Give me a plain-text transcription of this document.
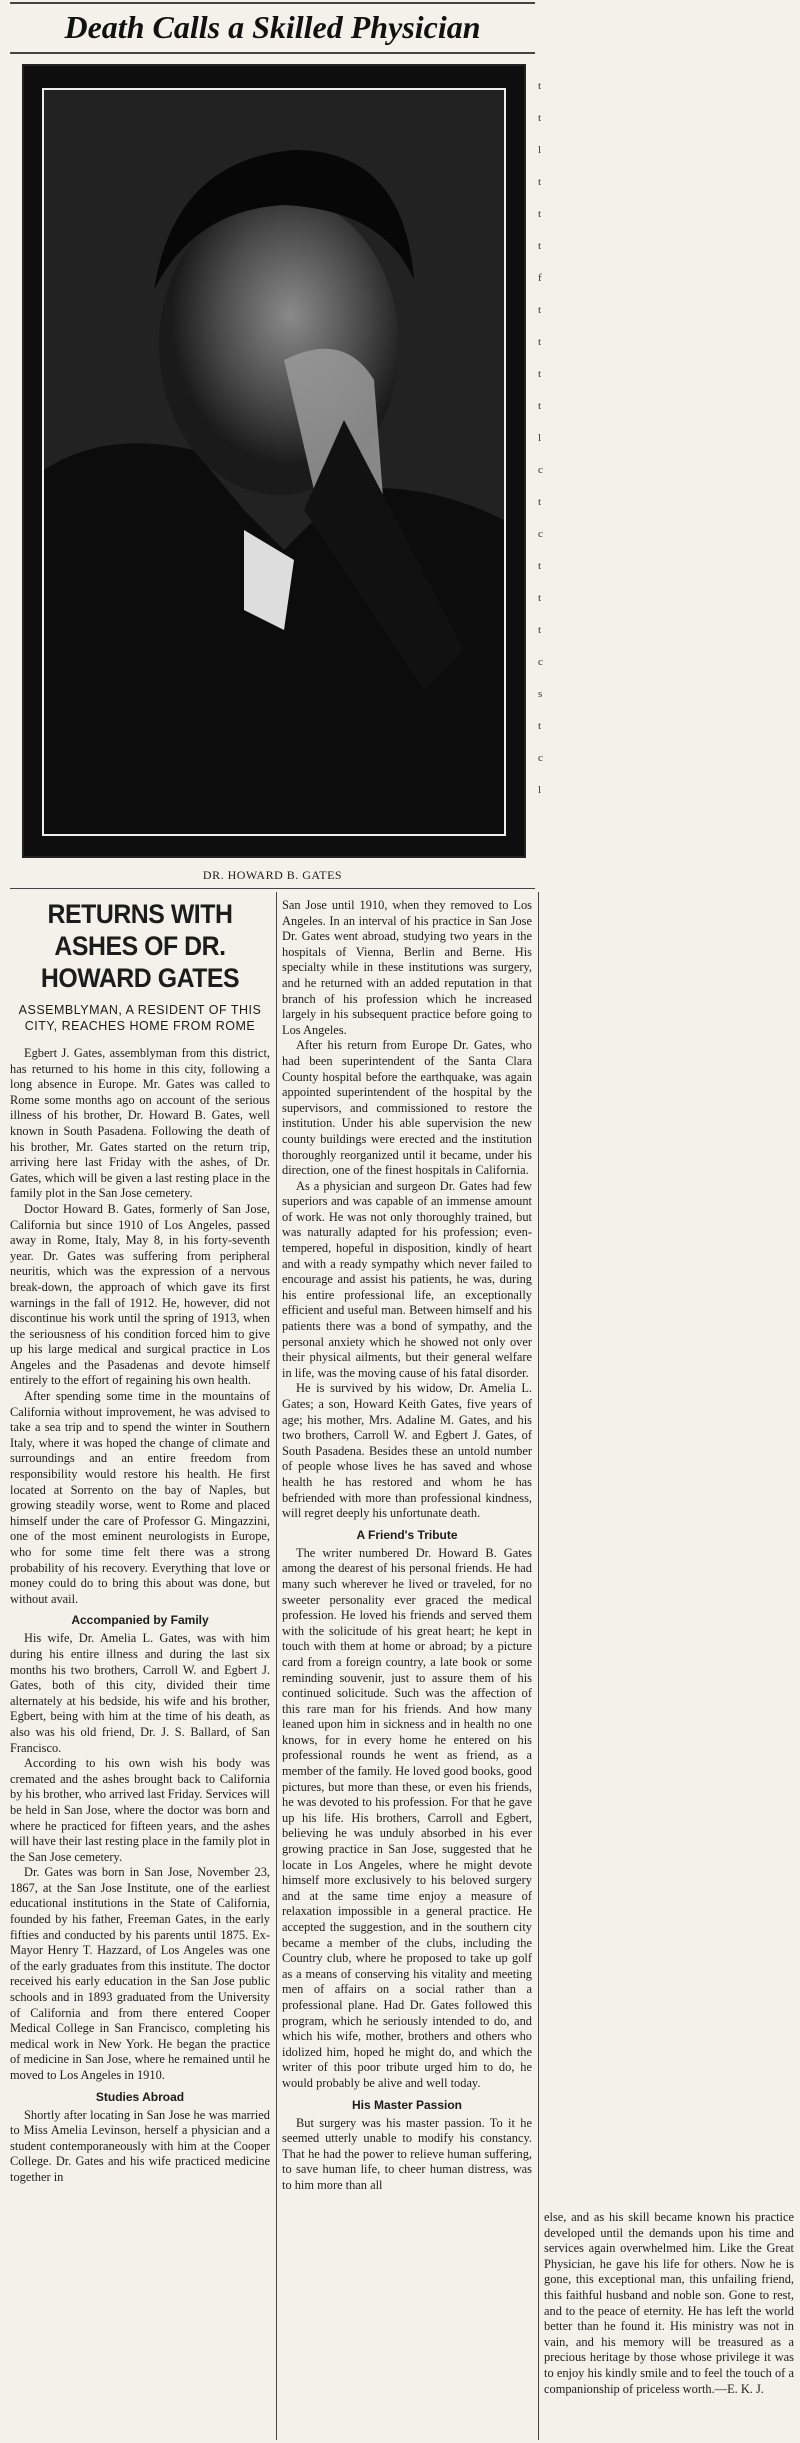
Death Calls a Skilled Physician
t
t
l
t
t
t
f
t
t
t
t
l
c
t
c
t
t
t
c
s
t
c
l
DR. HOWARD B. GATES
RETURNS WITH ASHES OF DR. HOWARD GATES
ASSEMBLYMAN, A RESIDENT OF THIS CITY, REACHES HOME FROM ROME

Egbert J. Gates, assemblyman from this district, has returned to his home in this city, following a long absence in Europe. Mr. Gates was called to Rome some months ago on account of the serious illness of his brother, Dr. Howard B. Gates, well known in South Pasadena. Following the death of his brother, Mr. Gates started on the return trip, arriving here last Friday with the ashes, of Dr. Gates, which will be given a last resting place in the family plot in the San Jose cemetery.

Doctor Howard B. Gates, formerly of San Jose, California but since 1910 of Los Angeles, passed away in Rome, Italy, May 8, in his forty-seventh year. Dr. Gates was suffering from peripheral neuritis, which was the expression of a nervous break-down, the approach of which gave its first warnings in the fall of 1912. He, however, did not discontinue his work until the spring of 1913, when the seriousness of his condition forced him to give up his large medical and surgical practice in Los Angeles and the Pasadenas and devote himself entirely to the effort of regaining his own health.

After spending some time in the mountains of California without improvement, he was advised to take a sea trip and to spend the winter in Southern Italy, where it was hoped the change of climate and surroundings and an entire freedom from responsibility would restore his health. He first located at Sorrento on the bay of Naples, but growing steadily worse, went to Rome and placed himself under the care of Professor G. Mingazzini, one of the most eminent neurologists in Europe, who for some time felt there was a strong probability of his recovery. Everything that love or money could do to bring this about was done, but without avail.

Accompanied by Family

His wife, Dr. Amelia L. Gates, was with him during his entire illness and during the last six months his two brothers, Carroll W. and Egbert J. Gates, both of this city, divided their time alternately at his bedside, his wife and his brother, Egbert, being with him at the time of his death, as also was his old friend, Dr. J. S. Ballard, of San Francisco.

According to his own wish his body was cremated and the ashes brought back to California by his brother, who arrived last Friday. Services will be held in San Jose, where the doctor was born and where he practiced for fifteen years, and the ashes will have their last resting place in the family plot in the San Jose cemetery.

Dr. Gates was born in San Jose, November 23, 1867, at the San Jose Institute, one of the earliest educational institutions in the State of California, founded by his father, Freeman Gates, in the early fifties and conducted by his parents until 1875. Ex-Mayor Henry T. Hazzard, of Los Angeles was one of the early graduates from this institute. The doctor received his early education in the San Jose public schools and in 1893 graduated from the University of California and from there entered Cooper Medical College in San Francisco, completing his medical work in New York. He began the practice of medicine in San Jose, where he remained until he moved to Los Angeles in 1910.

Studies Abroad

Shortly after locating in San Jose he was married to Miss Amelia Levinson, herself a physician and a student contemporaneously with him at the Cooper College. Dr. Gates and his wife practiced medicine together in

San Jose until 1910, when they removed to Los Angeles. In an interval of his practice in San Jose Dr. Gates went abroad, studying two years in the hospitals of Vienna, Berlin and Berne. His specialty while in these institutions was surgery, and he returned with an added reputation in that branch of his profession which he increased largely in his subsequent practice before going to Los Angeles.

After his return from Europe Dr. Gates, who had been superintendent of the Santa Clara County hospital before the earthquake, was again appointed superintendent of the hospital by the supervisors, and commissioned to restore the institution. Under his able supervision the new county buildings were erected and the institution thoroughly reorganized until it became, under his direction, one of the finest hospitals in California.

As a physician and surgeon Dr. Gates had few superiors and was capable of an immense amount of work. He was not only thoroughly trained, but was naturally adapted for his profession; even-tempered, hopeful in disposition, kindly of heart and with a ready sympathy which never failed to encourage and assist his patients, he was, during his entire professional life, an exceptionally efficient and useful man. Between himself and his patients there was a bond of sympathy, and the personal anxiety which he showed not only over their physical ailments, but their general welfare in life, was the moving cause of his fatal disorder.

He is survived by his widow, Dr. Amelia L. Gates; a son, Howard Keith Gates, five years of age; his mother, Mrs. Adaline M. Gates, and his two brothers, Carroll W. and Egbert J. Gates, of South Pasadena. Besides these an untold number of people whose lives he has saved and whose health he has restored and whom he has befriended with more than professional kindness, will regret deeply his unfortunate death.

A Friend's Tribute

The writer numbered Dr. Howard B. Gates among the dearest of his personal friends. He had many such wherever he lived or traveled, for no sweeter personality ever graced the medical profession. He loved his friends and served them with the solicitude of his great heart; he kept in touch with them at home or abroad; by a picture card from a foreign country, a late book or some reminding souvenir, just to assure them of his continued solicitude. Such was the affection of this rare man for his friends. And how many leaned upon him in sickness and in health no one knows, for in every home he entered on his professional rounds he went as friend, as a member of the family. He loved good books, good pictures, but more than these, or even his friends, he was devoted to his profession. For that he gave up his life. His brothers, Carroll and Egbert, believing he was unduly absorbed in his ever growing practice in San Jose, suggested that he locate in Los Angeles, where he might devote himself more exclusively to his beloved surgery and at the same time enjoy a measure of relaxation impossible in a general practice. He accepted the suggestion, and in the southern city became a member of the clubs, including the Country club, where he proposed to take up golf as a means of conserving his vitality and meeting men of affairs on a social rather than a professional plane. Had Dr. Gates followed this program, which he seriously intended to do, and which his wife, mother, brothers and others who idolized him, hoped he might do, and which the writer of this poor tribute urged him to do, he would probably be alive and well today.

His Master Passion

But surgery was his master passion. To it he seemed utterly unable to modify his constancy. That he had the power to relieve human suffering, to save human life, to cheer human distress, was to him more than all

else, and as his skill became known his practice developed until the demands upon his time and services again overwhelmed him. Like the Great Physician, he gave his life for others. Now he is gone, this exceptional man, this unfailing friend, this faithful husband and noble son. Gone to rest, and to the peace of eternity. He has left the world better than he found it. His ministry was not in vain, and his memory will be treasured as a precious heritage by those whose privilege it was to enjoy his kindly smile and to feel the touch of a companionship of priceless worth.—E. K. J.
